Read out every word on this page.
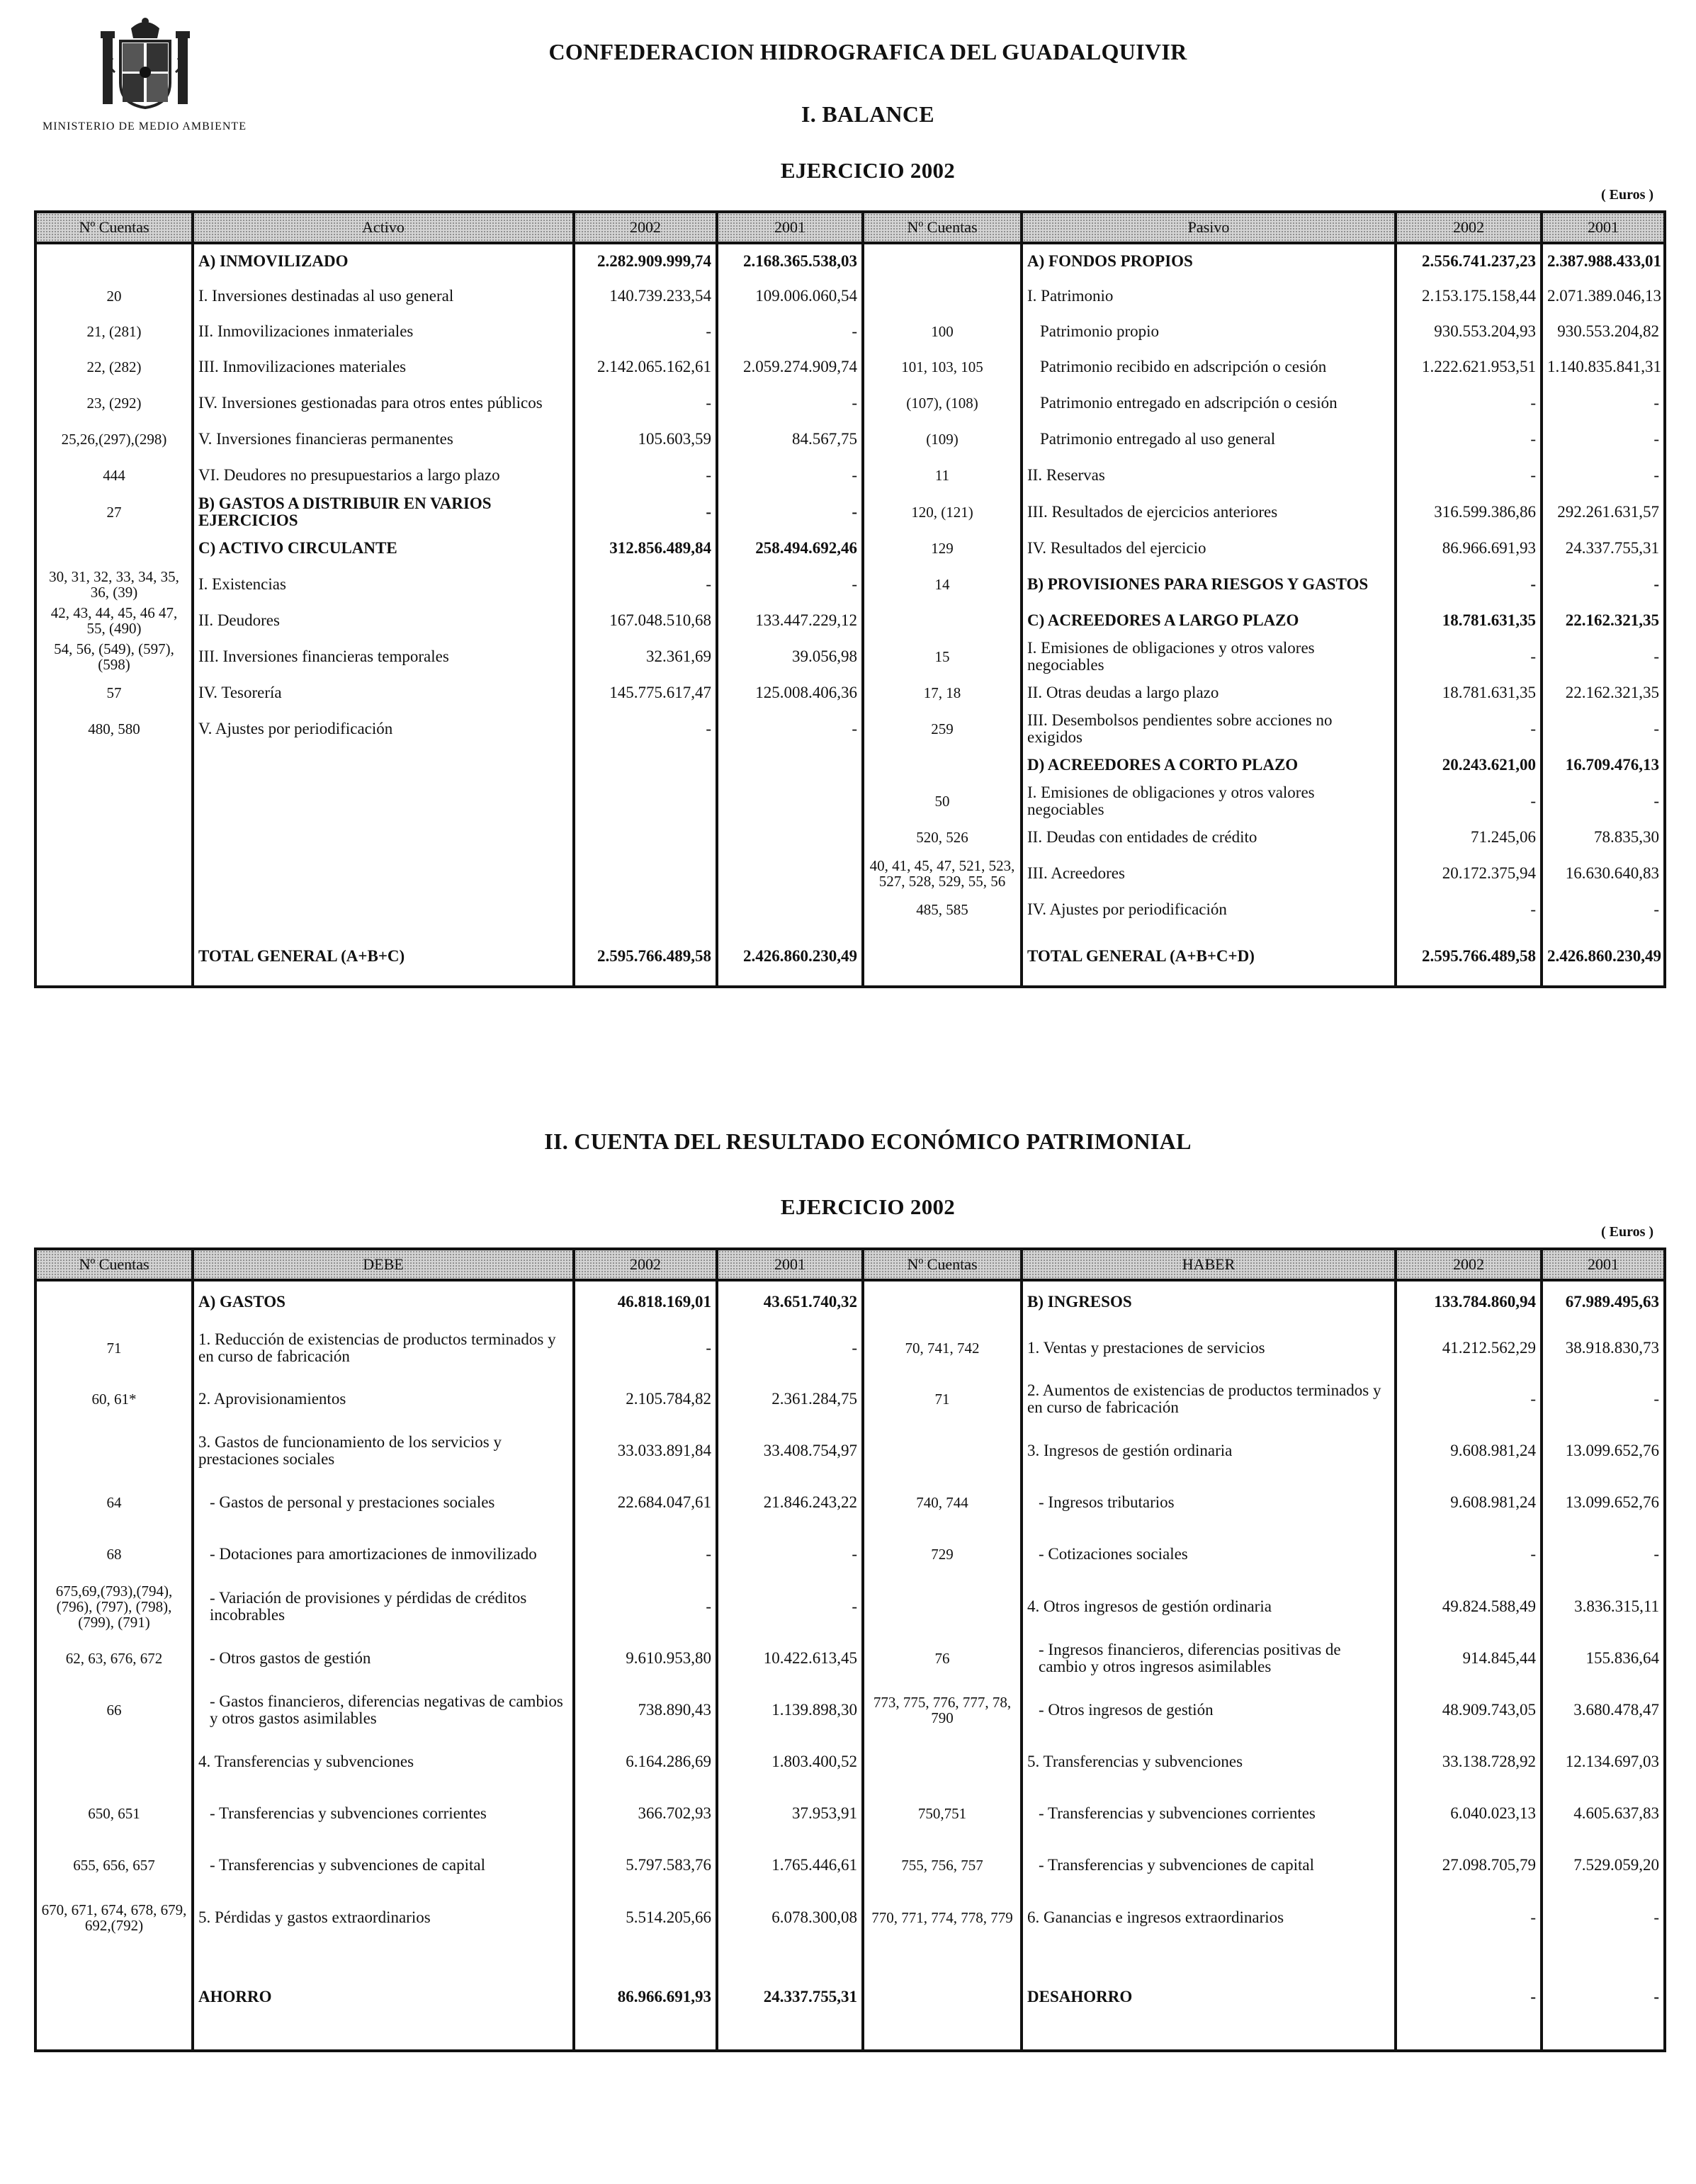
MINISTERIO DE MEDIO AMBIENTE
CONFEDERACION HIDROGRAFICA DEL GUADALQUIVIR
I. BALANCE
EJERCICIO 2002
( Euros )
Nº Cuentas	Activo	2002	2001	Nº Cuentas	Pasivo	2002	2001
	A) INMOVILIZADO	2.282.909.999,74	2.168.365.538,03		A) FONDOS PROPIOS	2.556.741.237,23	2.387.988.433,01
20	I. Inversiones destinadas al uso general	140.739.233,54	109.006.060,54		I. Patrimonio	2.153.175.158,44	2.071.389.046,13
21, (281)	II. Inmovilizaciones inmateriales	-	-	100	Patrimonio propio	930.553.204,93	930.553.204,82
22, (282)	III. Inmovilizaciones materiales	2.142.065.162,61	2.059.274.909,74	101, 103, 105	Patrimonio recibido en adscripción o cesión	1.222.621.953,51	1.140.835.841,31
23, (292)	IV. Inversiones gestionadas para otros entes públicos	-	-	(107), (108)	Patrimonio entregado en adscripción o cesión	-	-
25,26,(297),(298)	V. Inversiones financieras permanentes	105.603,59	84.567,75	(109)	Patrimonio entregado al uso general	-	-
444	VI. Deudores no presupuestarios a largo plazo	-	-	11	II. Reservas	-	-
27	B) GASTOS A DISTRIBUIR EN VARIOS EJERCICIOS	-	-	120, (121)	III. Resultados de ejercicios anteriores	316.599.386,86	292.261.631,57
	C) ACTIVO CIRCULANTE	312.856.489,84	258.494.692,46	129	IV. Resultados del ejercicio	86.966.691,93	24.337.755,31
30, 31, 32, 33, 34, 35, 36, (39)	I. Existencias	-	-	14	B) PROVISIONES PARA RIESGOS Y GASTOS	-	-
42, 43, 44, 45, 46 47, 55, (490)	II. Deudores	167.048.510,68	133.447.229,12		C) ACREEDORES A LARGO PLAZO	18.781.631,35	22.162.321,35
54, 56, (549), (597), (598)	III. Inversiones financieras temporales	32.361,69	39.056,98	15	I. Emisiones de obligaciones y otros valores negociables	-	-
57	IV. Tesorería	145.775.617,47	125.008.406,36	17, 18	II. Otras deudas a largo plazo	18.781.631,35	22.162.321,35
480, 580	V. Ajustes por periodificación	-	-	259	III. Desembolsos pendientes sobre acciones no exigidos	-	-
					D) ACREEDORES A CORTO PLAZO	20.243.621,00	16.709.476,13
				50	I. Emisiones de obligaciones y otros valores negociables	-	-
				520, 526	II. Deudas con entidades de crédito	71.245,06	78.835,30
				40, 41, 45, 47, 521, 523, 527, 528, 529, 55, 56	III. Acreedores	20.172.375,94	16.630.640,83
				485, 585	IV. Ajustes por periodificación	-	-
	TOTAL GENERAL (A+B+C)	2.595.766.489,58	2.426.860.230,49		TOTAL GENERAL (A+B+C+D)	2.595.766.489,58	2.426.860.230,49
II. CUENTA DEL RESULTADO ECONÓMICO PATRIMONIAL
EJERCICIO 2002
( Euros )
Nº Cuentas	DEBE	2002	2001	Nº Cuentas	HABER	2002	2001
	A) GASTOS	46.818.169,01	43.651.740,32		B) INGRESOS	133.784.860,94	67.989.495,63
71	1. Reducción de existencias de productos terminados y en curso de fabricación	-	-	70, 741, 742	1. Ventas y prestaciones de servicios	41.212.562,29	38.918.830,73
60, 61*	2. Aprovisionamientos	2.105.784,82	2.361.284,75	71	2. Aumentos de existencias de productos terminados y en curso de fabricación	-	-
	3. Gastos de funcionamiento de los servicios y prestaciones sociales	33.033.891,84	33.408.754,97		3. Ingresos de gestión ordinaria	9.608.981,24	13.099.652,76
64	- Gastos de personal y prestaciones sociales	22.684.047,61	21.846.243,22	740, 744	- Ingresos tributarios	9.608.981,24	13.099.652,76
68	- Dotaciones para amortizaciones de inmovilizado	-	-	729	- Cotizaciones sociales	-	-
675,69,(793),(794), (796), (797), (798), (799), (791)	- Variación de provisiones y pérdidas de créditos incobrables	-	-		4. Otros ingresos de gestión ordinaria	49.824.588,49	3.836.315,11
62, 63, 676, 672	- Otros gastos de gestión	9.610.953,80	10.422.613,45	76	- Ingresos financieros, diferencias positivas de cambio y otros ingresos asimilables	914.845,44	155.836,64
66	- Gastos financieros, diferencias negativas de cambios y otros gastos asimilables	738.890,43	1.139.898,30	773, 775, 776, 777, 78, 790	- Otros ingresos de gestión	48.909.743,05	3.680.478,47
	4. Transferencias y subvenciones	6.164.286,69	1.803.400,52		5. Transferencias y subvenciones	33.138.728,92	12.134.697,03
650, 651	- Transferencias y subvenciones corrientes	366.702,93	37.953,91	750,751	- Transferencias y subvenciones corrientes	6.040.023,13	4.605.637,83
655, 656, 657	- Transferencias y subvenciones de capital	5.797.583,76	1.765.446,61	755, 756, 757	- Transferencias y subvenciones de capital	27.098.705,79	7.529.059,20
670, 671, 674, 678, 679, 692,(792)	5. Pérdidas y gastos extraordinarios	5.514.205,66	6.078.300,08	770, 771, 774, 778, 779	6. Ganancias e ingresos extraordinarios	-	-
	AHORRO	86.966.691,93	24.337.755,31		DESAHORRO	-	-
